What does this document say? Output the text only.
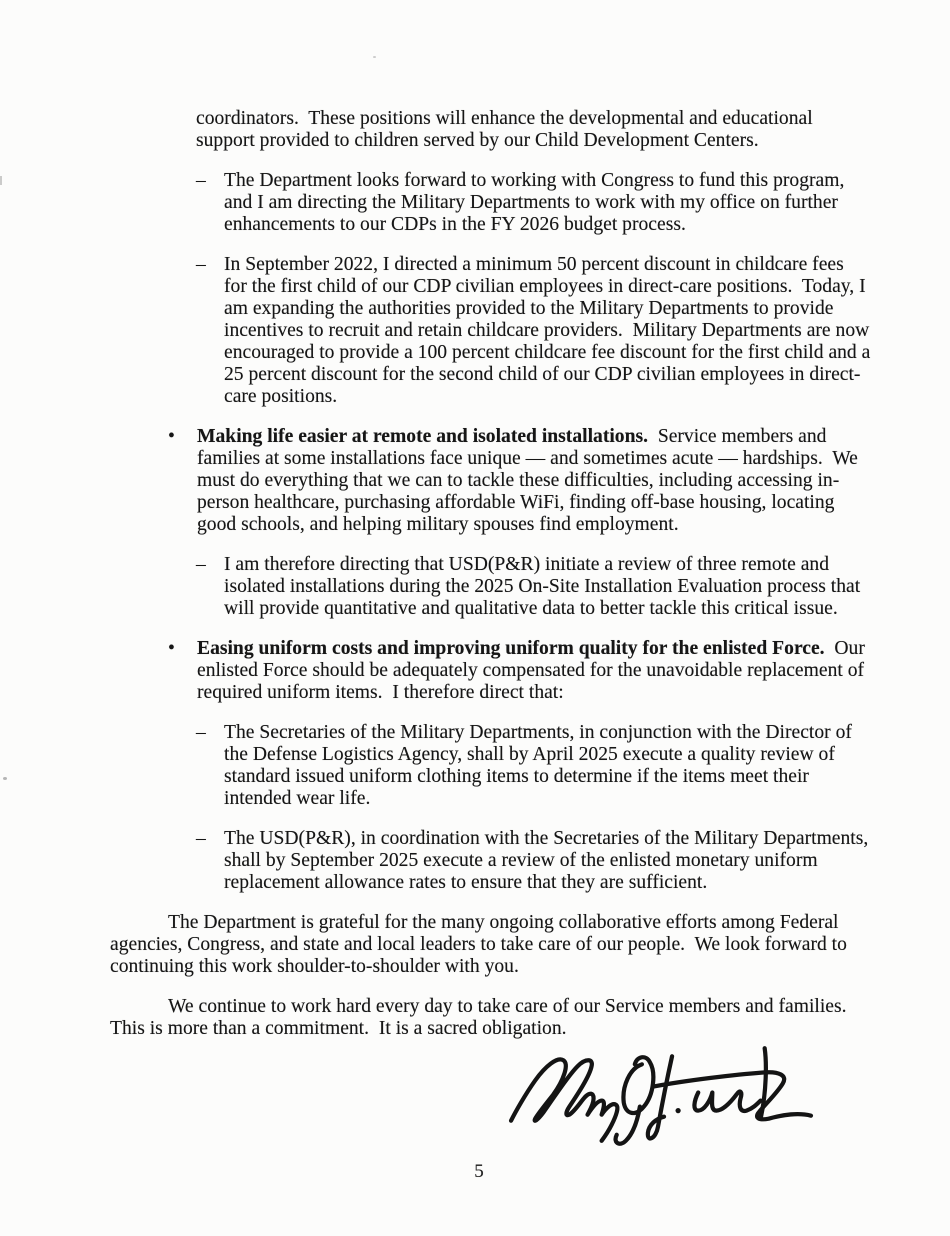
coordinators.  These positions will enhance the developmental and educational
support provided to children served by our Child Development Centers.
– The Department looks forward to working with Congress to fund this program,
and I am directing the Military Departments to work with my office on further
enhancements to our CDPs in the FY 2026 budget process.
– In September 2022, I directed a minimum 50 percent discount in childcare fees
for the first child of our CDP civilian employees in direct-care positions.  Today, I
am expanding the authorities provided to the Military Departments to provide
incentives to recruit and retain childcare providers.  Military Departments are now
encouraged to provide a 100 percent childcare fee discount for the first child and a
25 percent discount for the second child of our CDP civilian employees in direct-
care positions.
• Making life easier at remote and isolated installations.  Service members and
families at some installations face unique — and sometimes acute — hardships.  We
must do everything that we can to tackle these difficulties, including accessing in-
person healthcare, purchasing affordable WiFi, finding off-base housing, locating
good schools, and helping military spouses find employment.
– I am therefore directing that USD(P&R) initiate a review of three remote and
isolated installations during the 2025 On-Site Installation Evaluation process that
will provide quantitative and qualitative data to better tackle this critical issue.
• Easing uniform costs and improving uniform quality for the enlisted Force.  Our
enlisted Force should be adequately compensated for the unavoidable replacement of
required uniform items.  I therefore direct that:
– The Secretaries of the Military Departments, in conjunction with the Director of
the Defense Logistics Agency, shall by April 2025 execute a quality review of
standard issued uniform clothing items to determine if the items meet their
intended wear life.
– The USD(P&R), in coordination with the Secretaries of the Military Departments,
shall by September 2025 execute a review of the enlisted monetary uniform
replacement allowance rates to ensure that they are sufficient.
The Department is grateful for the many ongoing collaborative efforts among Federal
agencies, Congress, and state and local leaders to take care of our people.  We look forward to
continuing this work shoulder-to-shoulder with you.
We continue to work hard every day to take care of our Service members and families.
This is more than a commitment.  It is a sacred obligation.
5
